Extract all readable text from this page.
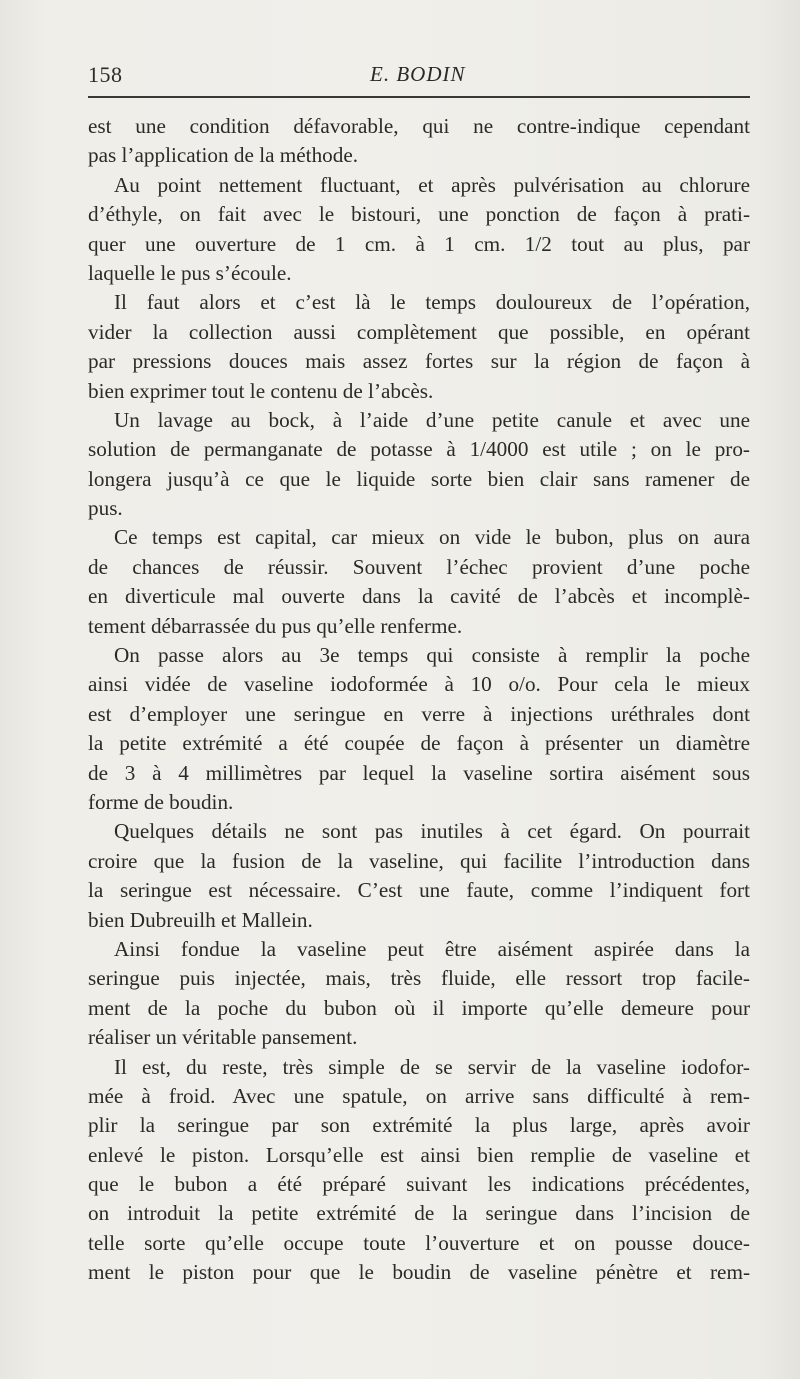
158	E. BODIN
est une condition défavorable, qui ne contre-indique cependant
pas l’application de la méthode.
Au point nettement fluctuant, et après pulvérisation au chlorure
d’éthyle, on fait avec le bistouri, une ponction de façon à prati-
quer une ouverture de 1 cm. à 1 cm. 1/2 tout au plus, par
laquelle le pus s’écoule.
Il faut alors et c’est là le temps douloureux de l’opération,
vider la collection aussi complètement que possible, en opérant
par pressions douces mais assez fortes sur la région de façon à
bien exprimer tout le contenu de l’abcès.
Un lavage au bock, à l’aide d’une petite canule et avec une
solution de permanganate de potasse à 1/4000 est utile ; on le pro-
longera jusqu’à ce que le liquide sorte bien clair sans ramener de
pus.
Ce temps est capital, car mieux on vide le bubon, plus on aura
de chances de réussir. Souvent l’échec provient d’une poche
en diverticule mal ouverte dans la cavité de l’abcès et incomplè-
tement débarrassée du pus qu’elle renferme.
On passe alors au 3e temps qui consiste à remplir la poche
ainsi vidée de vaseline iodoformée à 10 o/o. Pour cela le mieux
est d’employer une seringue en verre à injections uréthrales dont
la petite extrémité a été coupée de façon à présenter un diamètre
de 3 à 4 millimètres par lequel la vaseline sortira aisément sous
forme de boudin.
Quelques détails ne sont pas inutiles à cet égard. On pourrait
croire que la fusion de la vaseline, qui facilite l’introduction dans
la seringue est nécessaire. C’est une faute, comme l’indiquent fort
bien Dubreuilh et Mallein.
Ainsi fondue la vaseline peut être aisément aspirée dans la
seringue puis injectée, mais, très fluide, elle ressort trop facile-
ment de la poche du bubon où il importe qu’elle demeure pour
réaliser un véritable pansement.
Il est, du reste, très simple de se servir de la vaseline iodofor-
mée à froid. Avec une spatule, on arrive sans difficulté à rem-
plir la seringue par son extrémité la plus large, après avoir
enlevé le piston. Lorsqu’elle est ainsi bien remplie de vaseline et
que le bubon a été préparé suivant les indications précédentes,
on introduit la petite extrémité de la seringue dans l’incision de
telle sorte qu’elle occupe toute l’ouverture et on pousse douce-
ment le piston pour que le boudin de vaseline pénètre et rem-
